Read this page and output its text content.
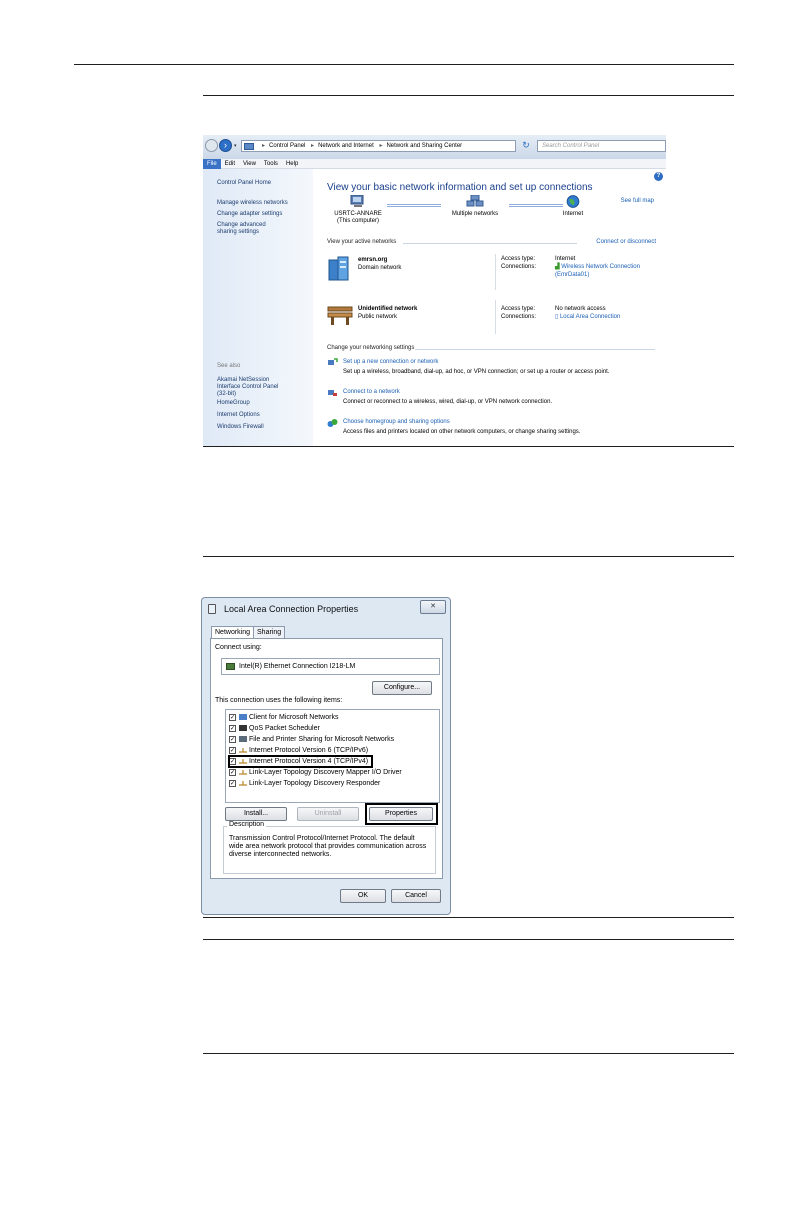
›	▾	▸ Control Panel ▸ Network and Internet ▸ Network and Sharing Center	↻	Search Control Panel
File Edit View Tools Help
Control Panel Home
Manage wireless networks
Change adapter settings
Change advanced sharing settings
See also
Akamai NetSession Interface Control Panel (32-bit)
HomeGroup
Internet Options
Windows Firewall
?
View your basic network information and set up connections
See full map
USRTC-ANNARE
(This computer)
Multiple networks	Internet
View your active networks	Connect or disconnect
emrsn.org
Domain network
Access type:	Internet
Connections:	▟ Wireless Network Connection
(EmrData01)
Unidentified network
Public network
Access type:	No network access
Connections:	▯ Local Area Connection
Change your networking settings
Set up a new connection or network
Set up a wireless, broadband, dial-up, ad hoc, or VPN connection; or set up a router or access point.
Connect to a network
Connect or reconnect to a wireless, wired, dial-up, or VPN network connection.
Choose homegroup and sharing options
Access files and printers located on other network computers, or change sharing settings.
Local Area Connection Properties	✕
Networking Sharing
Connect using:
Intel(R) Ethernet Connection I218-LM
Configure...
This connection uses the following items:
✓ Client for Microsoft Networks
✓ QoS Packet Scheduler
✓ File and Printer Sharing for Microsoft Networks
✓ Internet Protocol Version 6 (TCP/IPv6)
✓ Internet Protocol Version 4 (TCP/IPv4)
✓ Link-Layer Topology Discovery Mapper I/O Driver
✓ Link-Layer Topology Discovery Responder
Install...	Uninstall	Properties
Description
Transmission Control Protocol/Internet Protocol. The default wide area network protocol that provides communication across diverse interconnected networks.
OK	Cancel
